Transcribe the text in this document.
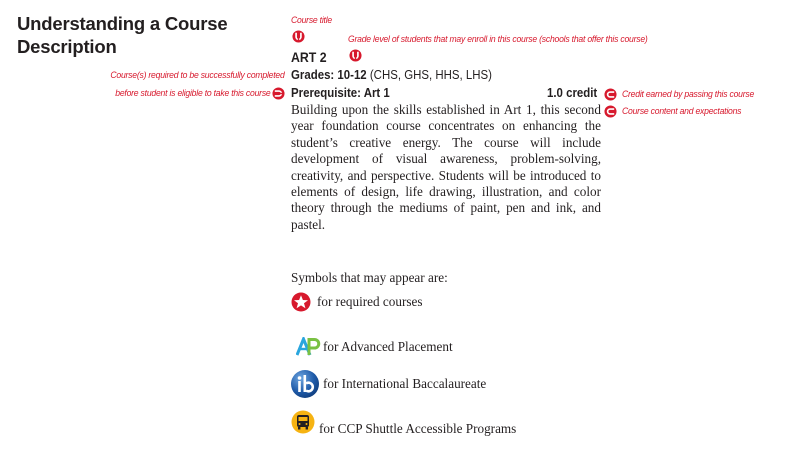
Understanding a Course
Description
Course title
Grade level of students that may enroll in this course (schools that offer this course)
ART 2
Course(s) required to be successfully completed
before student is eligible to take this course
Grades: 10-12 (CHS, GHS, HHS, LHS)
Prerequisite: Art 1	1.0 credit	Credit earned by passing this course
Course content and expectations
Building upon the skills established in Art 1, this second year foundation course concentrates on enhancing the student’s creative energy. The course will include development of visual awareness, problem-solving, creativity, and perspective. Students will be introduced to elements of design, life drawing, illustration, and color theory through the mediums of paint, pen and ink, and pastel.
Symbols that may appear are:
for required courses
for Advanced Placement
for International Baccalaureate
for CCP Shuttle Accessible Programs
